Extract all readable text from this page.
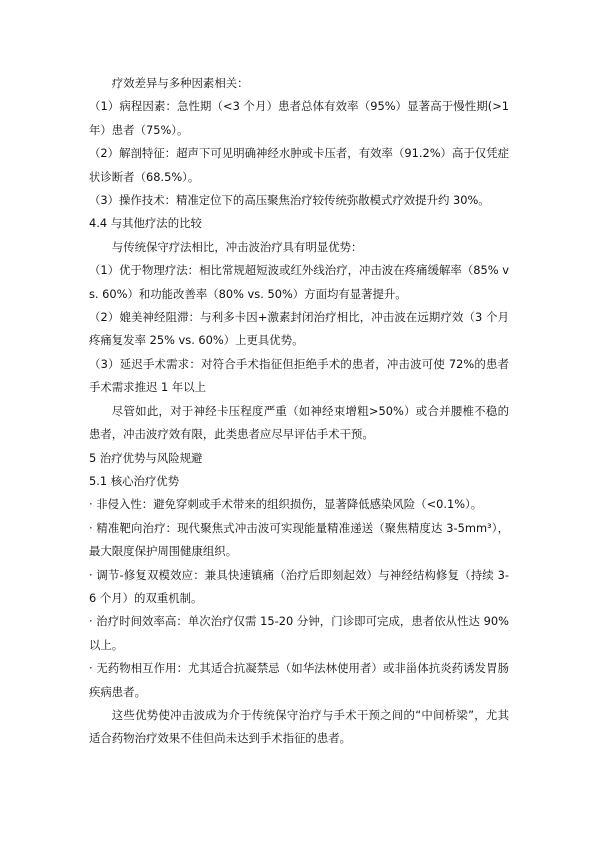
疗效差异与多种因素相关：

（1）病程因素：急性期（<3 个月）患者总体有效率（95%）显著高于慢性期(>1 年）患者（75%）。

（2）解剖特征：超声下可见明确神经水肿或卡压者，有效率（91.2%）高于仅凭症状诊断者（68.5%）。

（3）操作技术：精准定位下的高压聚焦治疗较传统弥散模式疗效提升约 30%。

4.4 与其他疗法的比较

与传统保守疗法相比，冲击波治疗具有明显优势：

（1）优于物理疗法：相比常规超短波或红外线治疗，冲击波在疼痛缓解率（85% vs. 60%）和功能改善率（80% vs. 50%）方面均有显著提升。

（2）媲美神经阻滞：与利多卡因+激素封闭治疗相比，冲击波在远期疗效（3 个月疼痛复发率 25% vs. 60%）上更具优势。

（3）延迟手术需求：对符合手术指征但拒绝手术的患者，冲击波可使 72%的患者手术需求推迟 1 年以上

尽管如此，对于神经卡压程度严重（如神经束增粗>50%）或合并腰椎不稳的患者，冲击波疗效有限，此类患者应尽早评估手术干预。

5 治疗优势与风险规避
5.1 核心治疗优势

· 非侵入性：避免穿刺或手术带来的组织损伤，显著降低感染风险（<0.1%）。

· 精准靶向治疗：现代聚焦式冲击波可实现能量精准递送（聚焦精度达 3-5mm³），最大限度保护周围健康组织。

· 调节-修复双模效应：兼具快速镇痛（治疗后即刻起效）与神经结构修复（持续 3-6 个月）的双重机制。

· 治疗时间效率高：单次治疗仅需 15-20 分钟，门诊即可完成，患者依从性达 90%以上。

· 无药物相互作用：尤其适合抗凝禁忌（如华法林使用者）或非甾体抗炎药诱发胃肠疾病患者。

这些优势使冲击波成为介于传统保守治疗与手术干预之间的“中间桥梁”，尤其适合药物治疗效果不佳但尚未达到手术指征的患者。
